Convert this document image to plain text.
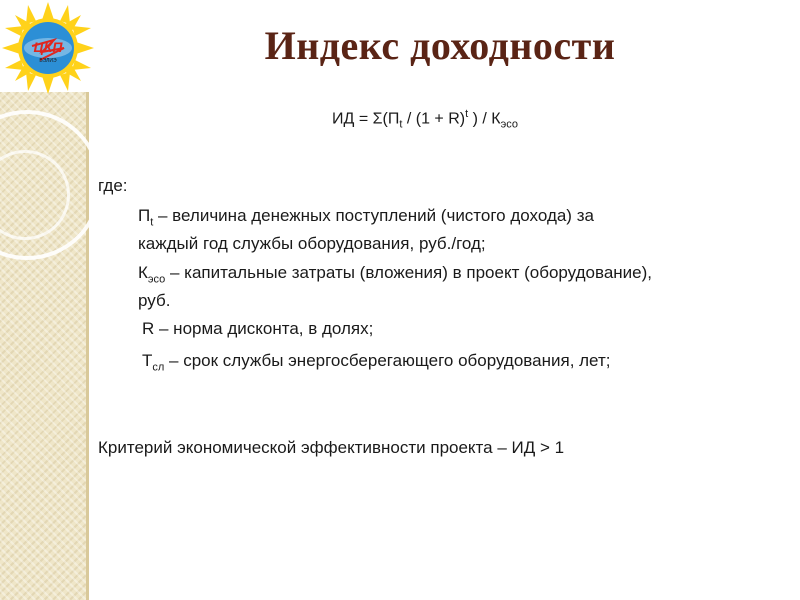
ЦКП
ВЭЛИЭ	Индекс доходности
ИД = $\Sigma(П_t / (1 + R)^t$ ) / $К_{эсо}$
где:
$П_t$ – величина денежных поступлений (чистого дохода) за
каждый год службы оборудования, руб./год;
$К_{эсо}$ – капитальные затраты (вложения) в проект (оборудование),
руб.
R – норма дисконта, в долях;
$Т_{сл}$ – срок службы энергосберегающего оборудования, лет;
Критерий экономической эффективности проекта – ИД > 1
